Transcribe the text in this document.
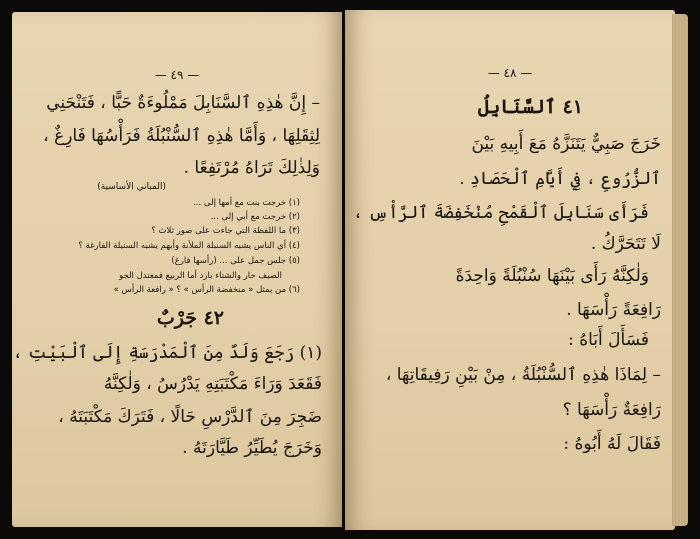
— ٤٩ —
– إِنَّ هٰذِهِ ٱلسَّنَابِلَ مَمْلُوءَةٌ حَبًّا ، فَتَنْحَنِي
لِثِقَلِهَا ، وَأَمَّا هٰذِهِ ٱلسُّنْبُلَةُ فَرَأْسُهَا فَارِغٌ ،
وَلِذٰلِكَ تَرَاهُ مُرْتَفِعًا .
(المباني الأساسية)
(١) خرجت بنت مع أمها إلى ...
(٢) خرجت مع أبي إلى ...
(٣) ما اللفظة التي جاءت على صور ثلاث ؟
(٤) أي الناس يشبه السنبلة الملأنة وأيهم يشبه السنبلة الفارغة ؟
(٥) جلس جمل على ... (رأسها فارغ)
الصيف حار والشتاء بارد أما الربيع فمعتدل الجو
(٦) من يمثل « منخفضة الرأس » ؟ « رافعة الرأس »
٤٢ جَرْبٌ
(١) رَجَعَ وَلَدٌ مِنَ ٱلْمَدْرَسَةِ إِلَى ٱلْبَيْتِ ،
فَقَعَدَ وَرَاءَ مَكْتَبَتِهِ يَدْرُسُ ، وَلٰكِنَّهُ
ضَجِرَ مِنَ ٱلدَّرْسِ حَالًا ، فَتَرَكَ مَكْتَبَتَهُ ،
وَخَرَجَ يُطَيِّرُ طَيَّارَتَهُ .
— ٤٨ —
٤١ ٱلسَّنَابِلُ
خَرَجَ صَبِيٌّ يَتَنَزَّهُ مَعَ أَبِيهِ بَيْنَ
ٱلزُّرُوعِ ، فِي أَيَّامِ ٱلْحَصَادِ .
فَرَأَى سَنَابِلَ ٱلْقَمْحِ مُنْخَفِضَةَ ٱلرَّأْسِ ،
لَا تَتَحَرَّكُ .
وَلٰكِنَّهُ رَأَى بَيْنَهَا سُنْبُلَةً وَاحِدَةً
رَافِعَةً رَأْسَهَا .
فَسَأَلَ أَبَاهُ :
– لِمَاذَا هٰذِهِ ٱلسُّنْبُلَةُ ، مِنْ بَيْنِ رَفِيقَاتِهَا ،
رَافِعَةٌ رَأْسَهَا ؟
فَقَالَ لَهُ أَبُوهُ :
